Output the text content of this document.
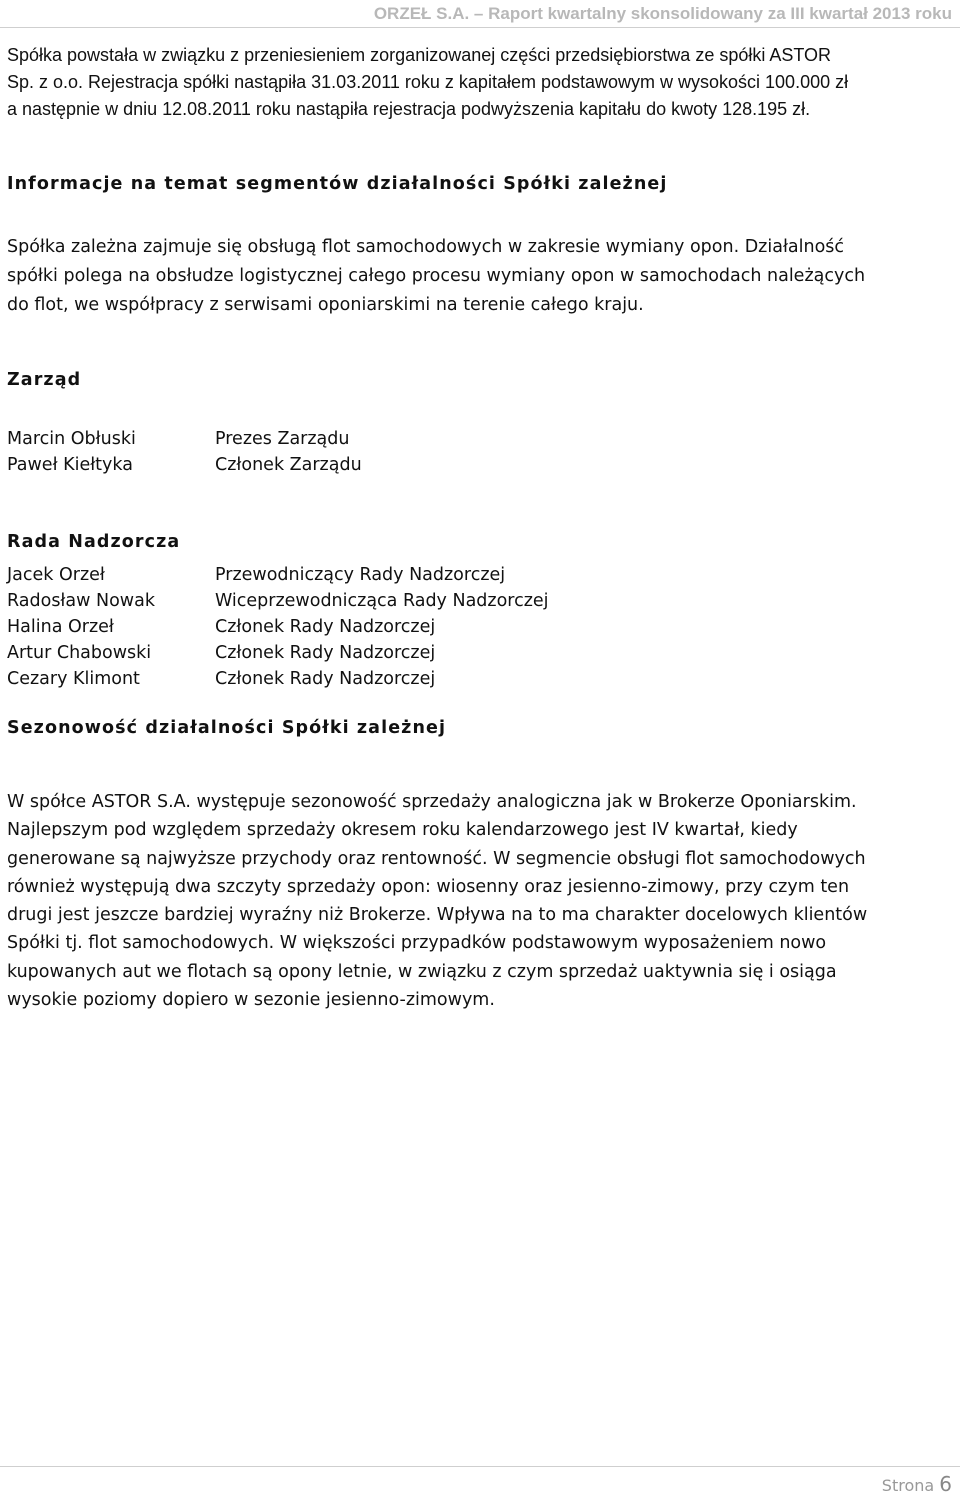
ORZEŁ S.A. – Raport kwartalny skonsolidowany za III kwartał 2013 roku
Spółka powstała w związku z przeniesieniem zorganizowanej części przedsiębiorstwa ze spółki ASTOR
Sp. z o.o. Rejestracja spółki nastąpiła 31.03.2011 roku z kapitałem podstawowym w wysokości 100.000 zł
a następnie w dniu 12.08.2011 roku nastąpiła rejestracja podwyższenia kapitału do kwoty 128.195 zł.
Informacje na temat segmentów działalności Spółki zależnej
Spółka zależna zajmuje się obsługą flot samochodowych w zakresie wymiany opon. Działalność
spółki polega na obsłudze logistycznej całego procesu wymiany opon w samochodach należących
do flot, we współpracy z serwisami oponiarskimi na terenie całego kraju.
Zarząd
Marcin Obłuski	Prezes Zarządu
Paweł Kiełtyka	Członek Zarządu
Rada Nadzorcza
Jacek Orzeł	Przewodniczący Rady Nadzorczej
Radosław Nowak	Wiceprzewodnicząca Rady Nadzorczej
Halina Orzeł	Członek Rady Nadzorczej
Artur Chabowski	Członek Rady Nadzorczej
Cezary Klimont	Członek Rady Nadzorczej
Sezonowość działalności Spółki zależnej
W spółce ASTOR S.A. występuje sezonowość sprzedaży analogiczna jak w Brokerze Oponiarskim.
Najlepszym pod względem sprzedaży okresem roku kalendarzowego jest IV kwartał, kiedy
generowane są najwyższe przychody oraz rentowność. W segmencie obsługi flot samochodowych
również występują dwa szczyty sprzedaży opon: wiosenny oraz jesienno-zimowy, przy czym ten
drugi jest jeszcze bardziej wyraźny niż Brokerze. Wpływa na to ma charakter docelowych klientów
Spółki tj. flot samochodowych. W większości przypadków podstawowym wyposażeniem nowo
kupowanych aut we flotach są opony letnie, w związku z czym sprzedaż uaktywnia się i osiąga
wysokie poziomy dopiero w sezonie jesienno-zimowym.
Strona 6
